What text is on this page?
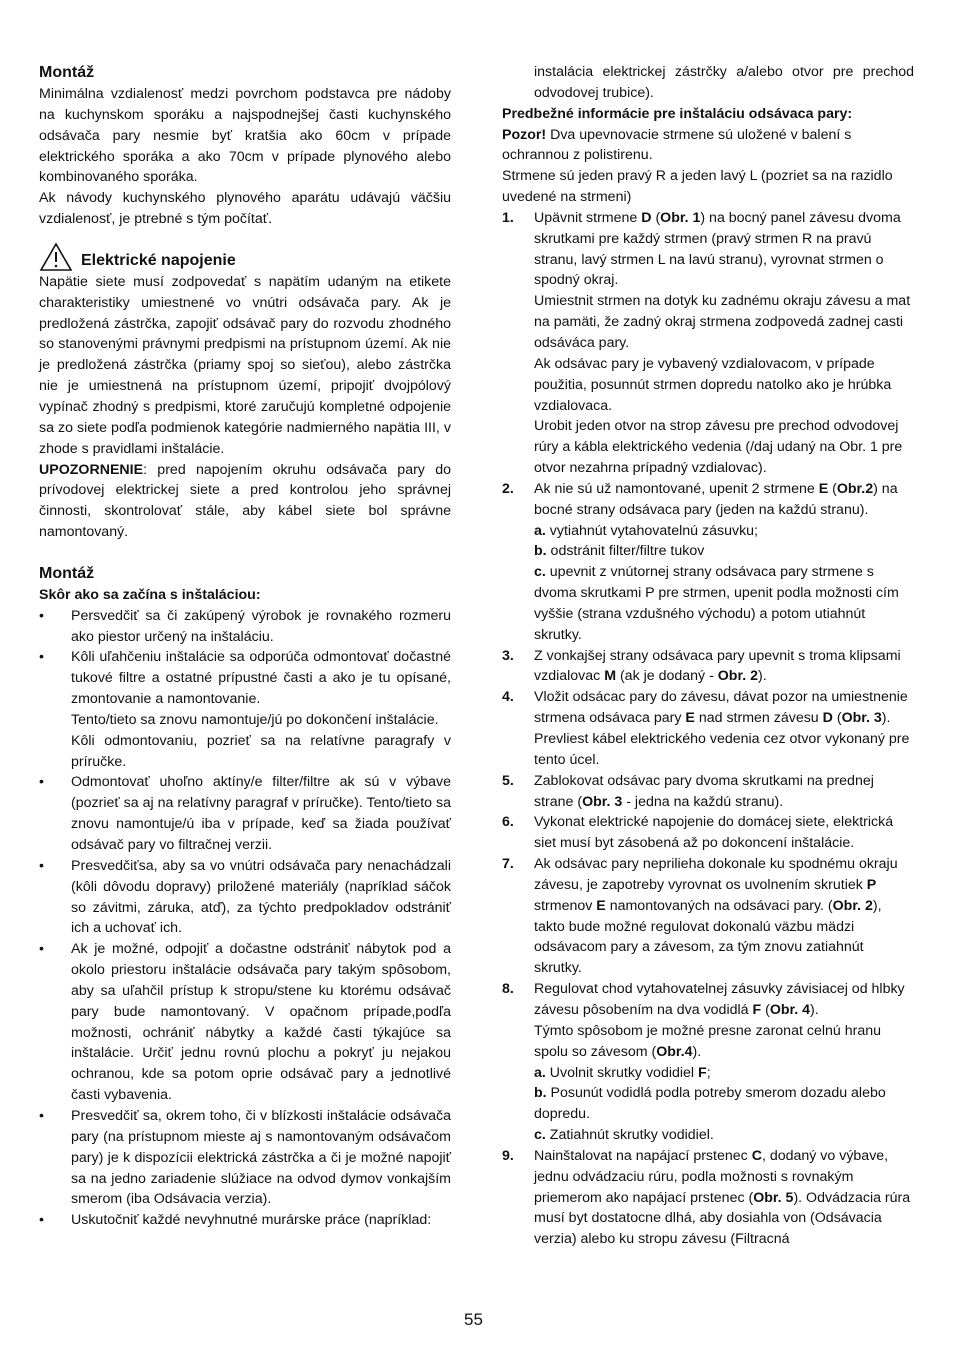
Montáž

Minimálna vzdialenosť medzi povrchom podstavca pre nádoby na kuchynskom sporáku a najspodnejšej časti kuchynského odsávača pary nesmie byť kratšia ako 60cm v prípade elektrického sporáka a ako 70cm v prípade plynového alebo kombinovaného sporáka.

Ak návody kuchynského plynového aparátu udávajú väčšiu vzdialenosť, je ptrebné s tým počítať.

Elektrické napojenie

Napätie siete musí zodpovedať s napätím udaným na etikete charakteristiky umiestnené vo vnútri odsávača pary. Ak je predložená zástrčka, zapojiť odsávač pary do rozvodu zhodného so stanovenými právnymi predpismi na prístupnom území. Ak nie je predložená zástrčka (priamy spoj so sieťou), alebo zástrčka nie je umiestnená na prístupnom území, pripojiť dvojpólový vypínač zhodný s predpismi, ktoré zaručujú kompletné odpojenie sa zo siete podľa podmienok kategórie nadmierného napätia III, v zhode s pravidlami inštalácie.

UPOZORNENIE: pred napojením okruhu odsávača pary do prívodovej elektrickej siete a pred kontrolou jeho správnej činnosti, skontrolovať stále, aby kábel siete bol správne namontovaný.

Montáž

Skôr ako sa začína s inštaláciou:

• Persvedčiť sa či zakúpený výrobok je rovnakého rozmeru ako piestor určený na inštaláciu.

• Kôli uľahčeniu inštalácie sa odporúča odmontovať dočastné tukové filtre a ostatné prípustné časti a ako je tu opísané, zmontovanie a namontovanie.

Tento/tieto sa znovu namontuje/jú po dokončení inštalácie.

Kôli odmontovaniu, pozrieť sa na relatívne paragrafy v príručke.

• Odmontovať uhoľno aktíny/e filter/filtre ak sú v výbave (pozrieť sa aj na relatívny paragraf v príručke). Tento/tieto sa znovu namontuje/ú iba v prípade, keď sa žiada používať odsávač pary vo filtračnej verzii.

• Presvedčiťsa, aby sa vo vnútri odsávača pary nenachádzali (kôli dôvodu dopravy) priložené materiály (napríklad sáčok so závitmi, záruka, atď), za týchto predpokladov odstrániť ich a uchovať ich.

• Ak je možné, odpojiť a dočastne odstrániť nábytok pod a okolo priestoru inštalácie odsávača pary takým spôsobom, aby sa uľahčil prístup k stropu/stene ku ktorému odsávač pary bude namontovaný. V opačnom prípade,podľa možnosti, ochrániť nábytky a každé časti týkajúce sa inštalácie. Určiť jednu rovnú plochu a pokryť ju nejakou ochranou, kde sa potom oprie odsávač pary a jednotlivé časti vybavenia.

• Presvedčiť sa, okrem toho, či v blízkosti inštalácie odsávača pary (na prístupnom mieste aj s namontovaným odsávačom pary) je k dispozícii elektrická zástrčka a či je možné napojiť sa na jedno zariadenie slúžiace na odvod dymov vonkajším smerom (iba Odsávacia verzia).

• Uskutočniť každé nevyhnutné murárske práce (napríklad:

instalácia elektrickej zástrčky a/alebo otvor pre prechod odvodovej trubice).

Predbežné informácie pre inštaláciu odsávaca pary:

Pozor! Dva upevnovacie strmene sú uložené v balení s ochrannou z polistirenu.

Strmene sú jeden pravý R a jeden lavý L (pozriet sa na razidlo uvedené na strmeni)

1.	Upävnit strmene D (Obr. 1) na bocný panel závesu dvoma skrutkami pre každý strmen (pravý strmen R na pravú stranu, lavý strmen L na lavú stranu), vyrovnat strmen o spodný okraj.
Umiestnit strmen na dotyk ku zadnému okraju závesu a mat na pamäti, že zadný okraj strmena zodpovedá zadnej casti odsáváca pary.
Ak odsávac pary je vybavený vzdialovacom, v prípade použitia, posunnút strmen dopredu natolko ako je hrúbka vzdialovaca.
Urobit jeden otvor na strop závesu pre prechod odvodovej rúry a kábla elektrického vedenia (/daj udaný na Obr. 1 pre otvor nezahrna prípadný vzdialovac).
2.	Ak nie sú už namontované, upenit 2 strmene E (Obr.2) na bocné strany odsávaca pary (jeden na každú stranu).
a. vytiahnút vytahovatelnú zásuvku;
b. odstránit filter/filtre tukov
c. upevnit z vnútornej strany odsávaca pary strmene s dvoma skrutkami P pre strmen, upenit podla možnosti cím vyššie (strana vzdušného východu) a potom utiahnút skrutky.
3.	Z vonkajšej strany odsávaca pary upevnit s troma klipsami vzdialovac M (ak je dodaný - Obr. 2).
4.	Vložit odsácac pary do závesu, dávat pozor na umiestnenie strmena odsávaca pary E nad strmen závesu D (Obr. 3).
Prevliest kábel elektrického vedenia cez otvor vykonaný pre tento úcel.
5.	Zablokovat odsávac pary dvoma skrutkami na prednej strane (Obr. 3 - jedna na každú stranu).
6.	Vykonat elektrické napojenie do domácej siete, elektrická siet musí byt zásobená až po dokoncení inštalácie.
7.	Ak odsávac pary neprilieha dokonale ku spodnému okraju závesu, je zapotreby vyrovnat os uvolnením skrutiek P strmenov E namontovaných na odsávaci pary. (Obr. 2), takto bude možné regulovat dokonalú väzbu mädzi odsávacom pary a závesom, za tým znovu zatiahnút skrutky.
8.	Regulovat chod vytahovatelnej zásuvky závisiacej od hlbky závesu pôsobením na dva vodidlá F (Obr. 4).
Týmto spôsobom je možné presne zaronat celnú hranu spolu so závesom (Obr.4).
a. Uvolnit skrutky vodidiel F;
b. Posunút vodidlá podla potreby smerom dozadu alebo dopredu.
c. Zatiahnút skrutky vodidiel.
9.	Nainštalovat na napájací prstenec C, dodaný vo výbave, jednu odvádzaciu rúru, podla možnosti s rovnakým priemerom ako napájací prstenec (Obr. 5). Odvádzacia rúra musí byt dostatocne dlhá, aby dosiahla von (Odsávacia verzia) alebo ku stropu závesu (Filtracná
55
